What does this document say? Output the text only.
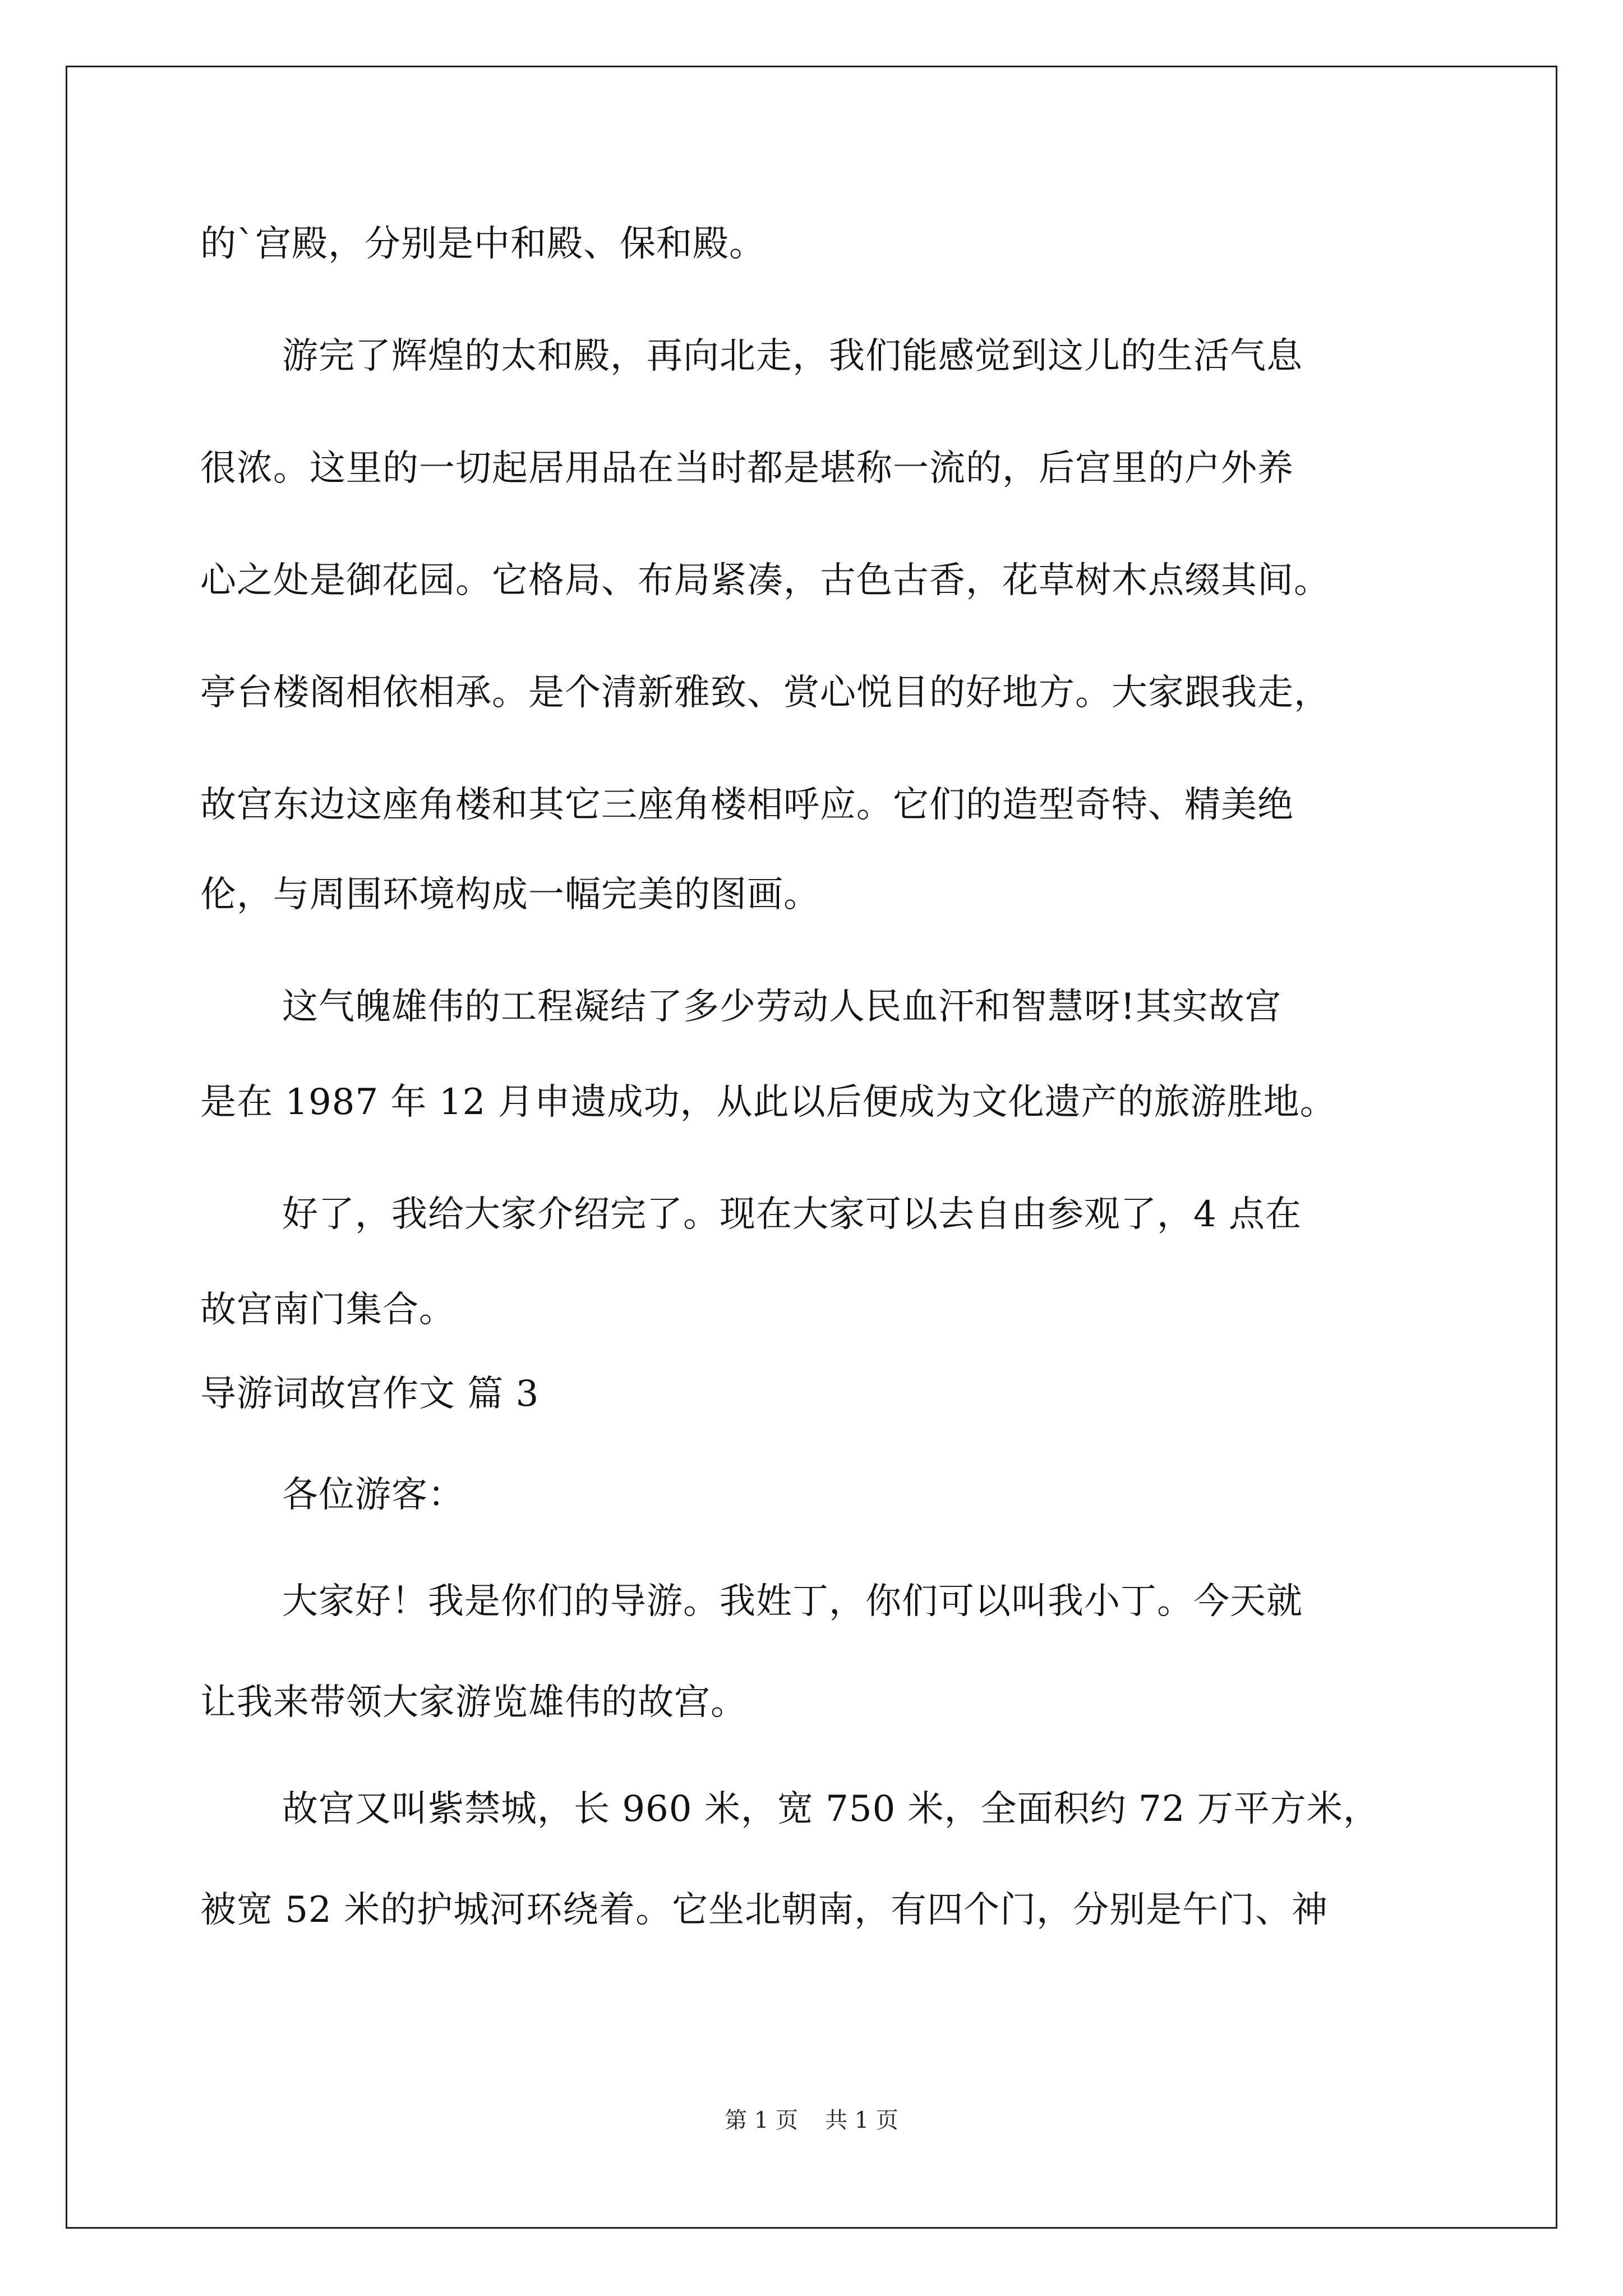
的`宫殿，分别是中和殿、保和殿。
游完了辉煌的太和殿，再向北走，我们能感觉到这儿的生活气息
很浓。这里的一切起居用品在当时都是堪称一流的，后宫里的户外养
心之处是御花园。它格局、布局紧凑，古色古香，花草树木点缀其间。
亭台楼阁相依相承。是个清新雅致、赏心悦目的好地方。大家跟我走，
故宫东边这座角楼和其它三座角楼相呼应。它们的造型奇特、精美绝
伦，与周围环境构成一幅完美的图画。
这气魄雄伟的工程凝结了多少劳动人民血汗和智慧呀!其实故宫
是在 1987 年 12 月申遗成功，从此以后便成为文化遗产的旅游胜地。
好了，我给大家介绍完了。现在大家可以去自由参观了，4 点在
故宫南门集合。
导游词故宫作文 篇 3
各位游客：
大家好！我是你们的导游。我姓丁，你们可以叫我小丁。今天就
让我来带领大家游览雄伟的故宫。
故宫又叫紫禁城，长 960 米，宽 750 米，全面积约 72 万平方米，
被宽 52 米的护城河环绕着。它坐北朝南，有四个门，分别是午门、神
第 1 页 共 1 页
